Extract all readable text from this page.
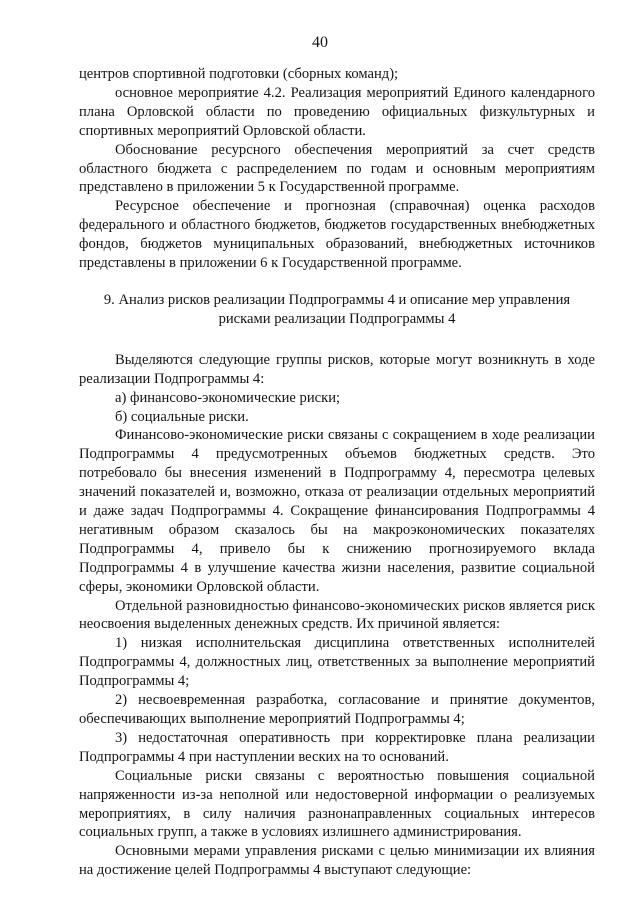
40

центров спортивной подготовки (сборных команд);

основное мероприятие 4.2. Реализация мероприятий Единого календарного плана Орловской области по проведению официальных физкультурных и спортивных мероприятий Орловской области.

Обоснование ресурсного обеспечения мероприятий за счет средств областного бюджета с распределением по годам и основным мероприятиям представлено в приложении 5 к Государственной программе.

Ресурсное обеспечение и прогнозная (справочная) оценка расходов федерального и областного бюджетов, бюджетов государственных внебюджетных фондов, бюджетов муниципальных образований, внебюджетных источников представлены в приложении 6 к Государственной программе.

9. Анализ рисков реализации Подпрограммы 4 и описание мер управления
рисками реализации Подпрограммы 4

Выделяются следующие группы рисков, которые могут возникнуть в ходе реализации Подпрограммы 4:

а) финансово-экономические риски;

б) социальные риски.

Финансово-экономические риски связаны с сокращением в ходе реализации Подпрограммы 4 предусмотренных объемов бюджетных средств. Это потребовало бы внесения изменений в Подпрограмму 4, пересмотра целевых значений показателей и, возможно, отказа от реализации отдельных мероприятий и даже задач Подпрограммы 4. Сокращение финансирования Подпрограммы 4 негативным образом сказалось бы на макроэкономических показателях Подпрограммы 4, привело бы к снижению прогнозируемого вклада Подпрограммы 4 в улучшение качества жизни населения, развитие социальной сферы, экономики Орловской области.

Отдельной разновидностью финансово-экономических рисков является риск неосвоения выделенных денежных средств. Их причиной является:

1) низкая исполнительская дисциплина ответственных исполнителей Подпрограммы 4, должностных лиц, ответственных за выполнение мероприятий Подпрограммы 4;

2) несвоевременная разработка, согласование и принятие документов, обеспечивающих выполнение мероприятий Подпрограммы 4;

3) недостаточная оперативность при корректировке плана реализации Подпрограммы 4 при наступлении веских на то оснований.

Социальные риски связаны с вероятностью повышения социальной напряженности из-за неполной или недостоверной информации о реализуемых мероприятиях, в силу наличия разнонаправленных социальных интересов социальных групп, а также в условиях излишнего администрирования.

Основными мерами управления рисками с целью минимизации их влияния на достижение целей Подпрограммы 4 выступают следующие:
